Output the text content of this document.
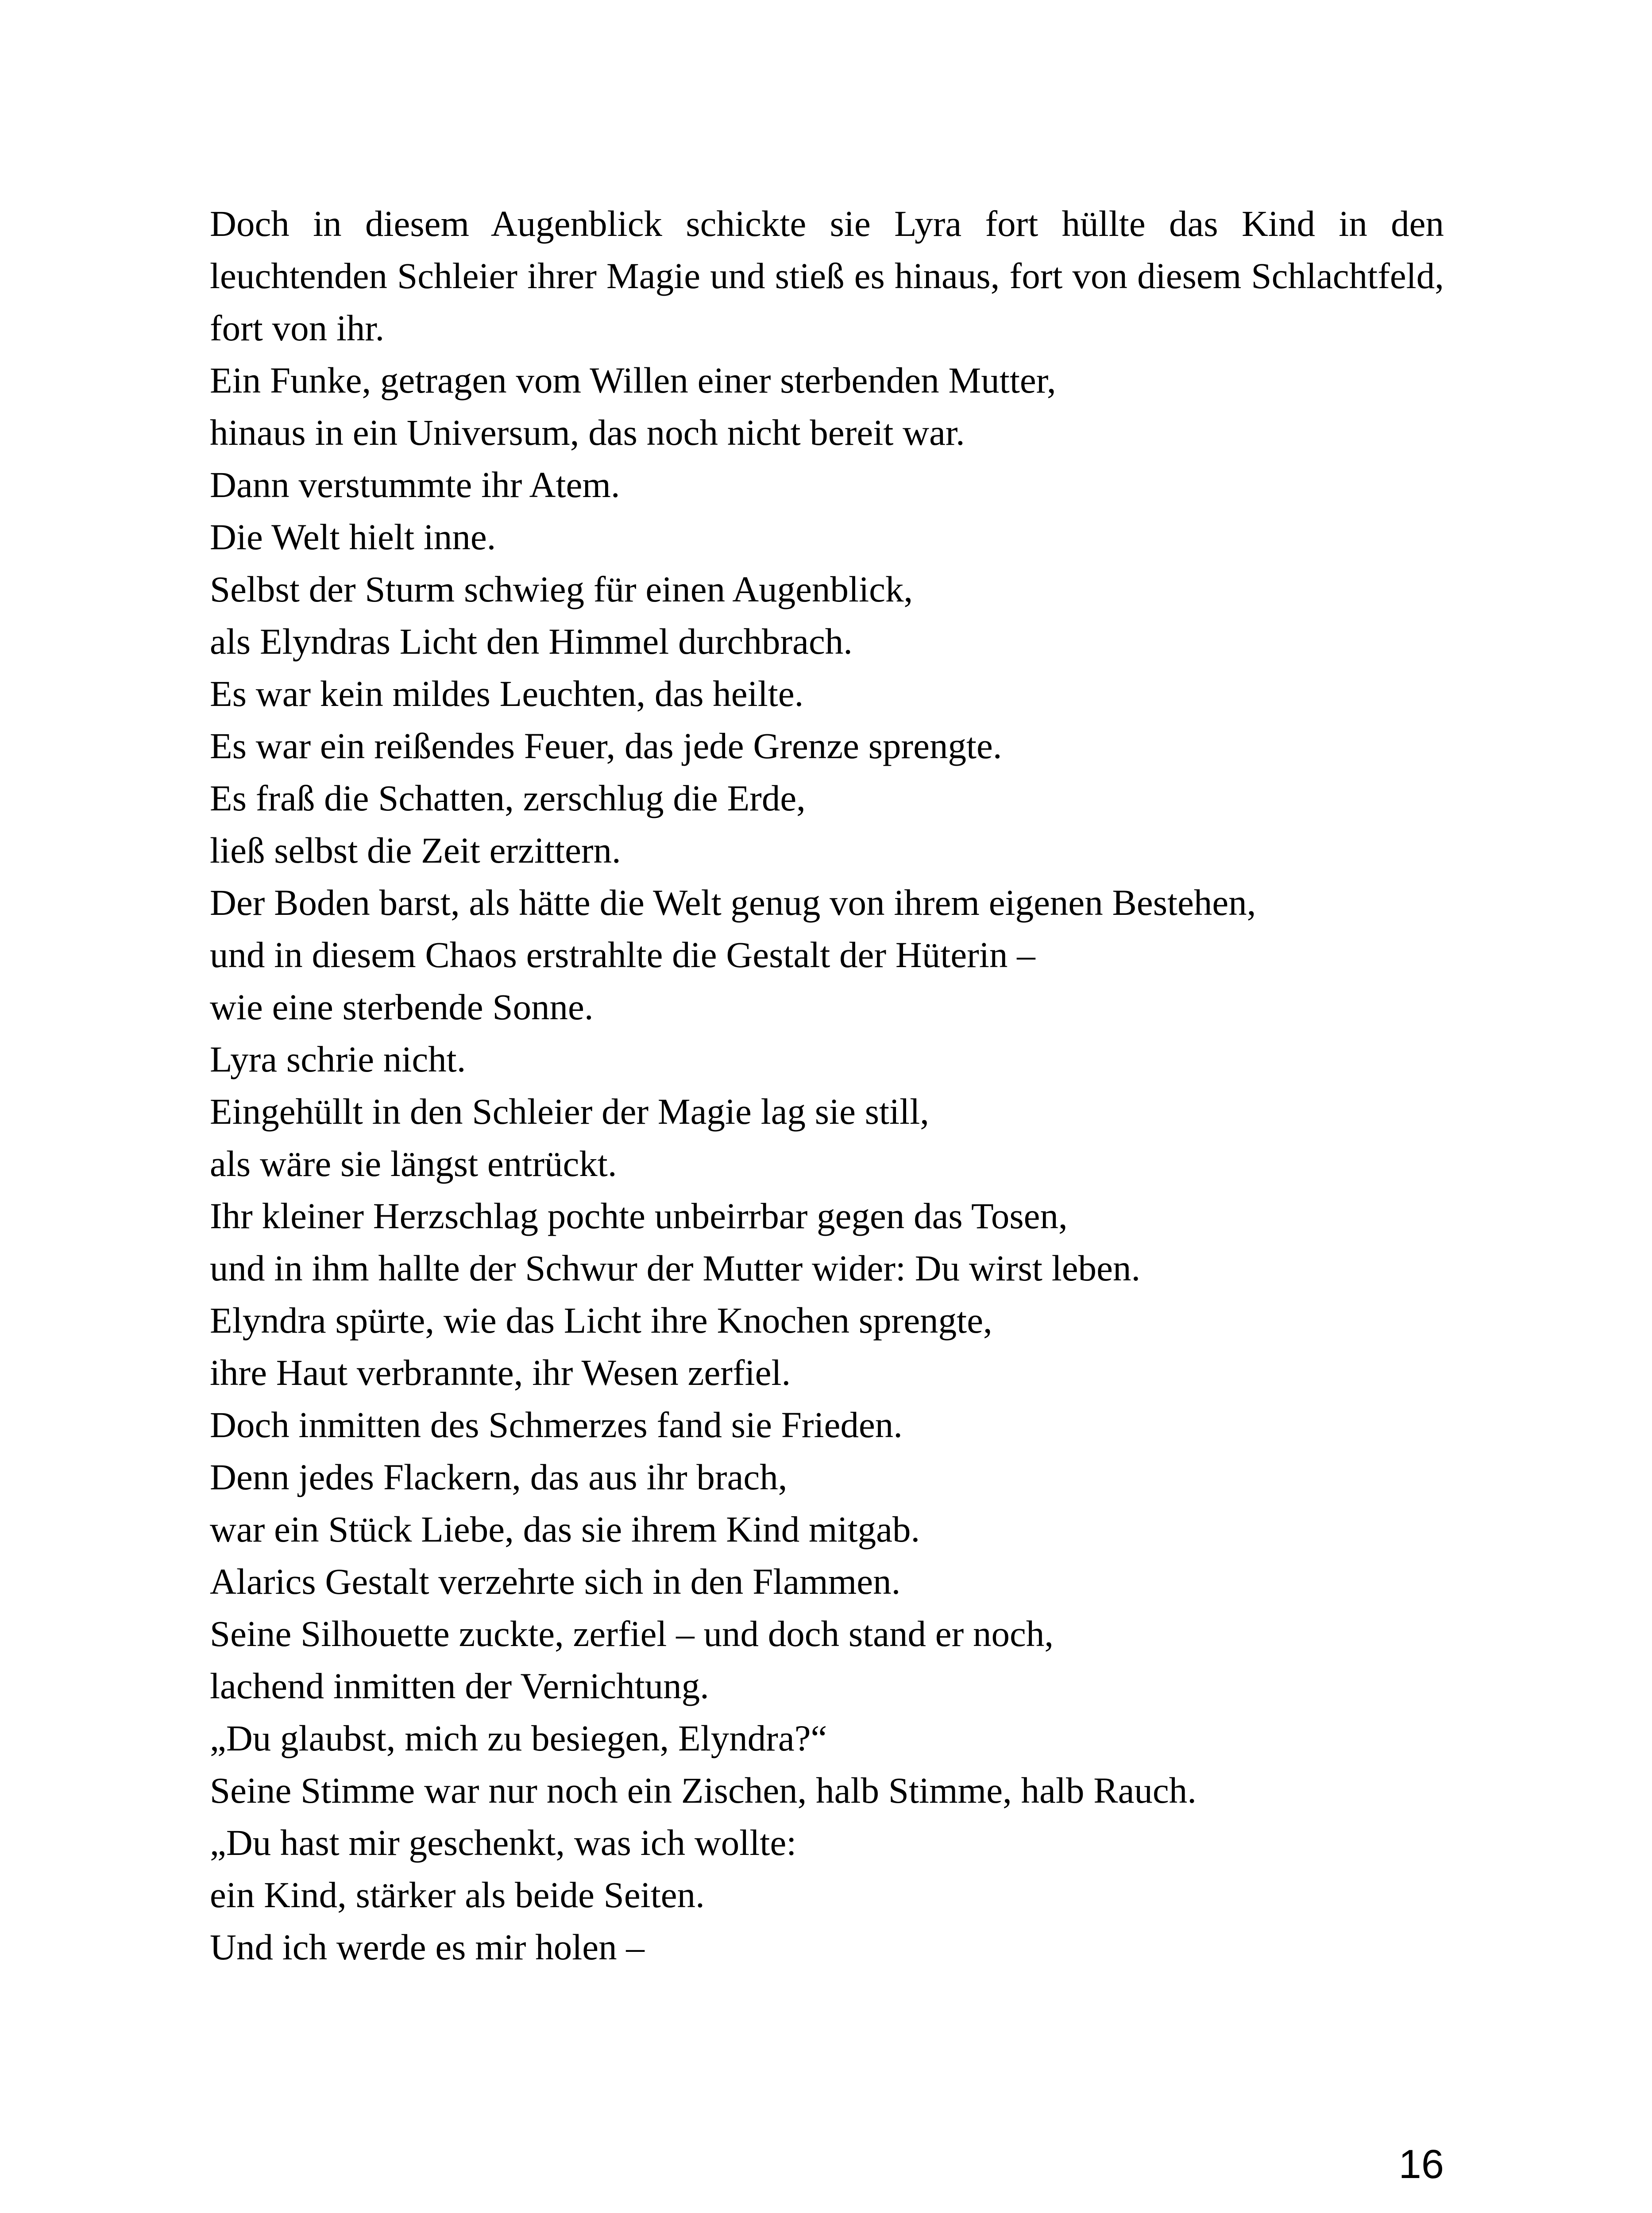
Doch in diesem Augenblick schickte sie Lyra fort hüllte das Kind in den leuchtenden Schleier ihrer Magie und stieß es hinaus, fort von diesem Schlachtfeld, fort von ihr.

Ein Funke, getragen vom Willen einer sterbenden Mutter,

hinaus in ein Universum, das noch nicht bereit war.

Dann verstummte ihr Atem.

Die Welt hielt inne.

Selbst der Sturm schwieg für einen Augenblick,

als Elyndras Licht den Himmel durchbrach.

Es war kein mildes Leuchten, das heilte.

Es war ein reißendes Feuer, das jede Grenze sprengte.

Es fraß die Schatten, zerschlug die Erde,

ließ selbst die Zeit erzittern.

Der Boden barst, als hätte die Welt genug von ihrem eigenen Bestehen,

und in diesem Chaos erstrahlte die Gestalt der Hüterin –

wie eine sterbende Sonne.

Lyra schrie nicht.

Eingehüllt in den Schleier der Magie lag sie still,

als wäre sie längst entrückt.

Ihr kleiner Herzschlag pochte unbeirrbar gegen das Tosen,

und in ihm hallte der Schwur der Mutter wider: Du wirst leben.

Elyndra spürte, wie das Licht ihre Knochen sprengte,

ihre Haut verbrannte, ihr Wesen zerfiel.

Doch inmitten des Schmerzes fand sie Frieden.

Denn jedes Flackern, das aus ihr brach,

war ein Stück Liebe, das sie ihrem Kind mitgab.

Alarics Gestalt verzehrte sich in den Flammen.

Seine Silhouette zuckte, zerfiel – und doch stand er noch,

lachend inmitten der Vernichtung.

„Du glaubst, mich zu besiegen, Elyndra?“

Seine Stimme war nur noch ein Zischen, halb Stimme, halb Rauch.

„Du hast mir geschenkt, was ich wollte:

ein Kind, stärker als beide Seiten.

Und ich werde es mir holen –

16
